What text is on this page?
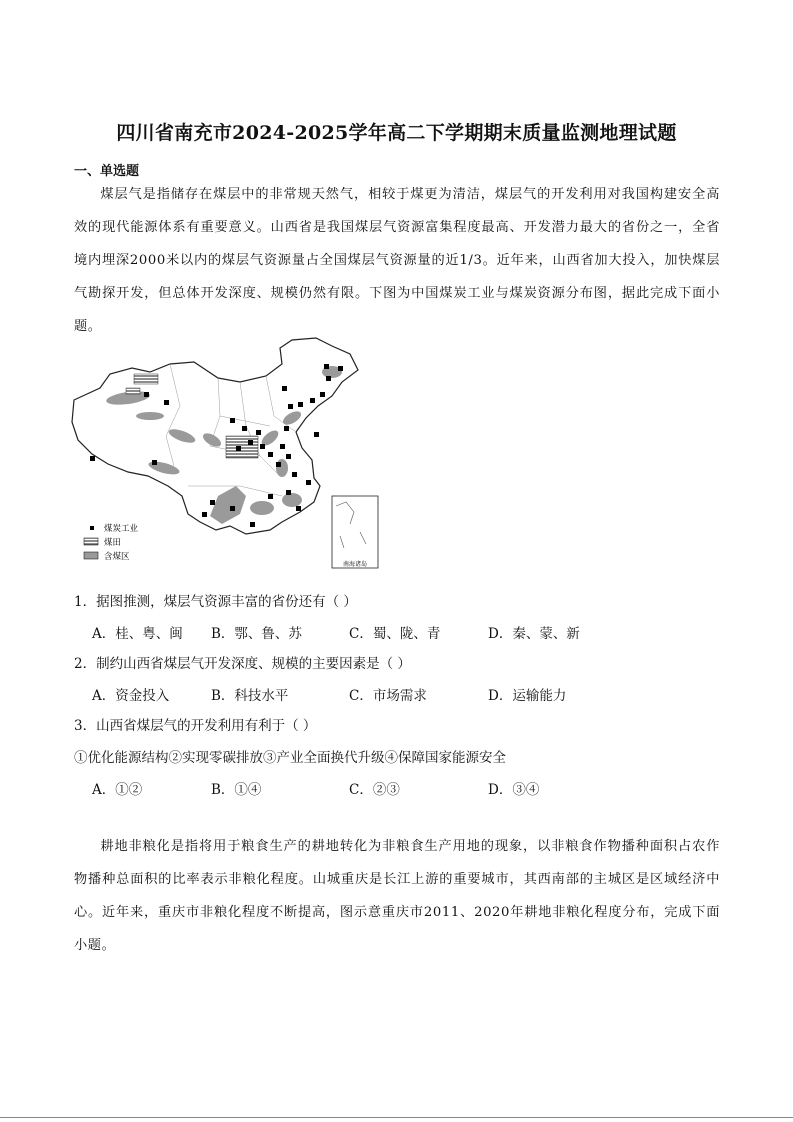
四川省南充市2024-2025学年高二下学期期末质量监测地理试题
一、单选题
煤层气是指储存在煤层中的非常规天然气，相较于煤更为清洁，煤层气的开发利用对我国构建安全高效的现代能源体系有重要意义。山西省是我国煤层气资源富集程度最高、开发潜力最大的省份之一，全省境内埋深2000米以内的煤层气资源量占全国煤层气资源量的近1/3。近年来，山西省加大投入，加快煤层气勘探开发，但总体开发深度、规模仍然有限。下图为中国煤炭工业与煤炭资源分布图，据此完成下面小题。
南海诸岛
煤炭工业
煤田
含煤区
1．据图推测，煤层气资源丰富的省份还有（ ）
A．桂、粤、闽 B．鄂、鲁、苏	C．蜀、陇、青	D．秦、蒙、新
2．制约山西省煤层气开发深度、规模的主要因素是（ ）
A．资金投入	B．科技水平	C．市场需求	D．运输能力
3．山西省煤层气的开发利用有利于（ ）
①优化能源结构②实现零碳排放③产业全面换代升级④保障国家能源安全
A．①②	B．①④	C．②③	D．③④
耕地非粮化是指将用于粮食生产的耕地转化为非粮食生产用地的现象，以非粮食作物播种面积占农作物播种总面积的比率表示非粮化程度。山城重庆是长江上游的重要城市，其西南部的主城区是区域经济中心。近年来，重庆市非粮化程度不断提高，图示意重庆市2011、2020年耕地非粮化程度分布，完成下面小题。
